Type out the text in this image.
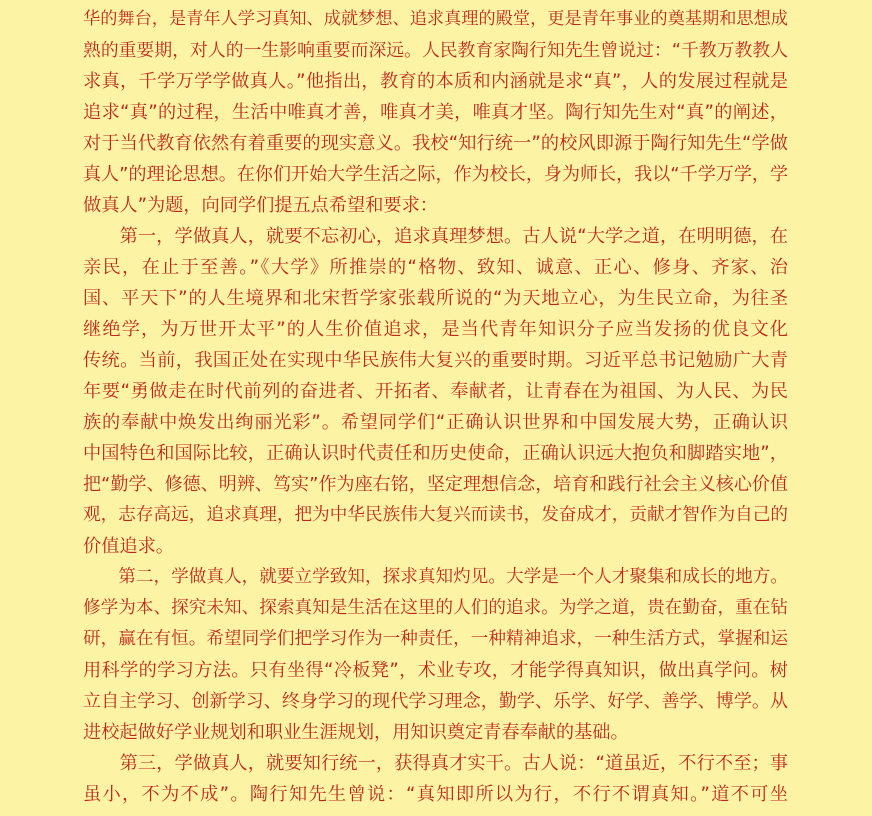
华的舞台，是青年人学习真知、成就梦想、追求真理的殿堂，更是青年事业的奠基期和思想成
熟的重要期，对人的一生影响重要而深远。人民教育家陶行知先生曾说过：“千教万教教人
求真，千学万学学做真人。”他指出，教育的本质和内涵就是求“真”，人的发展过程就是
追求“真”的过程，生活中唯真才善，唯真才美，唯真才坚。陶行知先生对“真”的阐述，
对于当代教育依然有着重要的现实意义。我校“知行统一”的校风即源于陶行知先生“学做
真人”的理论思想。在你们开始大学生活之际，作为校长，身为师长，我以“千学万学，学
做真人”为题，向同学们提五点希望和要求：
　　第一，学做真人，就要不忘初心，追求真理梦想。古人说“大学之道，在明明德，在
亲民，在止于至善。”《大学》所推崇的“格物、致知、诚意、正心、修身、齐家、治
国、平天下”的人生境界和北宋哲学家张载所说的“为天地立心，为生民立命，为往圣
继绝学，为万世开太平”的人生价值追求，是当代青年知识分子应当发扬的优良文化
传统。当前，我国正处在实现中华民族伟大复兴的重要时期。习近平总书记勉励广大青
年要“勇做走在时代前列的奋进者、开拓者、奉献者，让青春在为祖国、为人民、为民
族的奉献中焕发出绚丽光彩”。希望同学们“正确认识世界和中国发展大势，正确认识
中国特色和国际比较，正确认识时代责任和历史使命，正确认识远大抱负和脚踏实地”，
把“勤学、修德、明辨、笃实”作为座右铭，坚定理想信念，培育和践行社会主义核心价值
观，志存高远，追求真理，把为中华民族伟大复兴而读书，发奋成才，贡献才智作为自己的
价值追求。
　　第二，学做真人，就要立学致知，探求真知灼见。大学是一个人才聚集和成长的地方。
修学为本、探究未知、探索真知是生活在这里的人们的追求。为学之道，贵在勤奋，重在钻
研，赢在有恒。希望同学们把学习作为一种责任，一种精神追求，一种生活方式，掌握和运
用科学的学习方法。只有坐得“冷板凳”，术业专攻，才能学得真知识，做出真学问。树
立自主学习、创新学习、终身学习的现代学习理念，勤学、乐学、好学、善学、博学。从
进校起做好学业规划和职业生涯规划，用知识奠定青春奉献的基础。
　　第三，学做真人，就要知行统一，获得真才实干。古人说：“道虽近，不行不至；事
虽小，不为不成”。陶行知先生曾说：“真知即所以为行，不行不谓真知。”道不可坐
